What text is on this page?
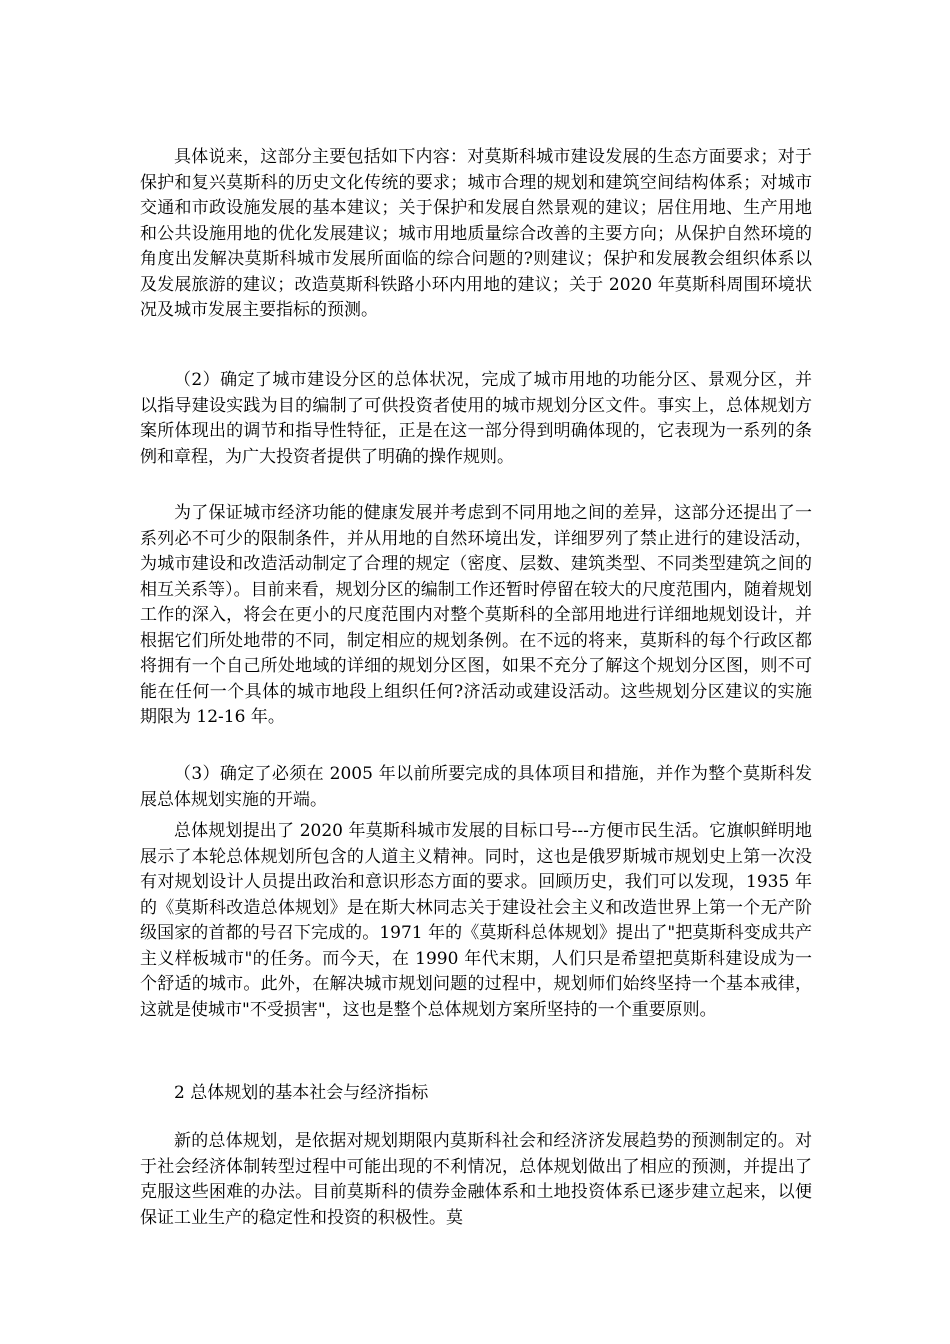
具体说来，这部分主要包括如下内容：对莫斯科城市建设发展的生态方面要求；对于保护和复兴莫斯科的历史文化传统的要求；城市合理的规划和建筑空间结构体系；对城市交通和市政设施发展的基本建议；关于保护和发展自然景观的建议；居住用地、生产用地和公共设施用地的优化发展建议；城市用地质量综合改善的主要方向；从保护自然环境的角度出发解决莫斯科城市发展所面临的综合问题的?则建议；保护和发展教会组织体系以及发展旅游的建议；改造莫斯科铁路小环内用地的建议；关于 2020 年莫斯科周围环境状况及城市发展主要指标的预测。

（2）确定了城市建设分区的总体状况，完成了城市用地的功能分区、景观分区，并以指导建设实践为目的编制了可供投资者使用的城市规划分区文件。事实上，总体规划方案所体现出的调节和指导性特征，正是在这一部分得到明确体现的，它表现为一系列的条例和章程，为广大投资者提供了明确的操作规则。

为了保证城市经济功能的健康发展并考虑到不同用地之间的差异，这部分还提出了一系列必不可少的限制条件，并从用地的自然环境出发，详细罗列了禁止进行的建设活动，为城市建设和改造活动制定了合理的规定（密度、层数、建筑类型、不同类型建筑之间的相互关系等）。目前来看，规划分区的编制工作还暂时停留在较大的尺度范围内，随着规划工作的深入，将会在更小的尺度范围内对整个莫斯科的全部用地进行详细地规划设计，并根据它们所处地带的不同，制定相应的规划条例。在不远的将来，莫斯科的每个行政区都将拥有一个自己所处地域的详细的规划分区图，如果不充分了解这个规划分区图，则不可能在任何一个具体的城市地段上组织任何?济活动或建设活动。这些规划分区建议的实施期限为 12-16 年。

（3）确定了必须在 2005 年以前所要完成的具体项目和措施，并作为整个莫斯科发展总体规划实施的开端。

总体规划提出了 2020 年莫斯科城市发展的目标口号---方便市民生活。它旗帜鲜明地展示了本轮总体规划所包含的人道主义精神。同时，这也是俄罗斯城市规划史上第一次没有对规划设计人员提出政治和意识形态方面的要求。回顾历史，我们可以发现，1935 年的《莫斯科改造总体规划》是在斯大林同志关于建设社会主义和改造世界上第一个无产阶级国家的首都的号召下完成的。1971 年的《莫斯科总体规划》提出了"把莫斯科变成共产主义样板城市"的任务。而今天，在 1990 年代末期，人们只是希望把莫斯科建设成为一个舒适的城市。此外，在解决城市规划问题的过程中，规划师们始终坚持一个基本戒律，这就是使城市"不受损害"，这也是整个总体规划方案所坚持的一个重要原则。

2 总体规划的基本社会与经济指标

新的总体规划，是依据对规划期限内莫斯科社会和经济济发展趋势的预测制定的。对于社会经济体制转型过程中可能出现的不利情况，总体规划做出了相应的预测，并提出了克服这些困难的办法。目前莫斯科的债券金融体系和土地投资体系已逐步建立起来，以便保证工业生产的稳定性和投资的积极性。莫
